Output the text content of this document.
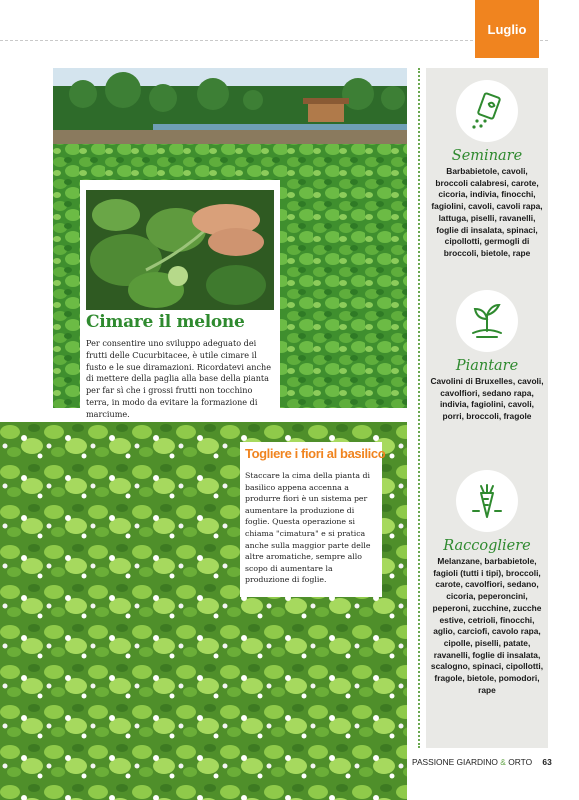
Luglio
Cimare il melone

Per consentire uno sviluppo adeguato dei frutti delle Cucurbitacee, è utile cimare il fusto e le sue diramazioni. Ricordatevi anche di mettere della paglia alla base della pianta per far sì che i grossi frutti non tocchino terra, in modo da evitare la formazione di marciume.

Togliere i fiori al basilico

Staccare la cima della pianta di basilico appena accenna a produrre fiori è un sistema per aumentare la produzione di foglie. Questa operazione si chiama "cimatura" e si pratica anche sulla maggior parte delle altre aromatiche, sempre allo scopo di aumentare la produzione di foglie.

Seminare

Barbabietole, cavoli, broccoli calabresi, carote, cicoria, indivia, finocchi, fagiolini, cavoli, cavoli rapa, lattuga, piselli, ravanelli, foglie di insalata, spinaci, cipollotti, germogli di broccoli, bietole, rape

Piantare

Cavolini di Bruxelles, cavoli, cavolfiori, sedano rapa, indivia, fagiolini, cavoli, porri, broccoli, fragole

Raccogliere

Melanzane, barbabietole, fagioli (tutti i tipi), broccoli, carote, cavolfiori, sedano, cicoria, peperoncini, peperoni, zucchine, zucche estive, cetrioli, finocchi, aglio, carciofi, cavolo rapa, cipolle, piselli, patate, ravanelli, foglie di insalata, scalogno, spinaci, cipollotti, fragole, bietole, pomodori, rape

PASSIONE GIARDINO & ORTO 63
